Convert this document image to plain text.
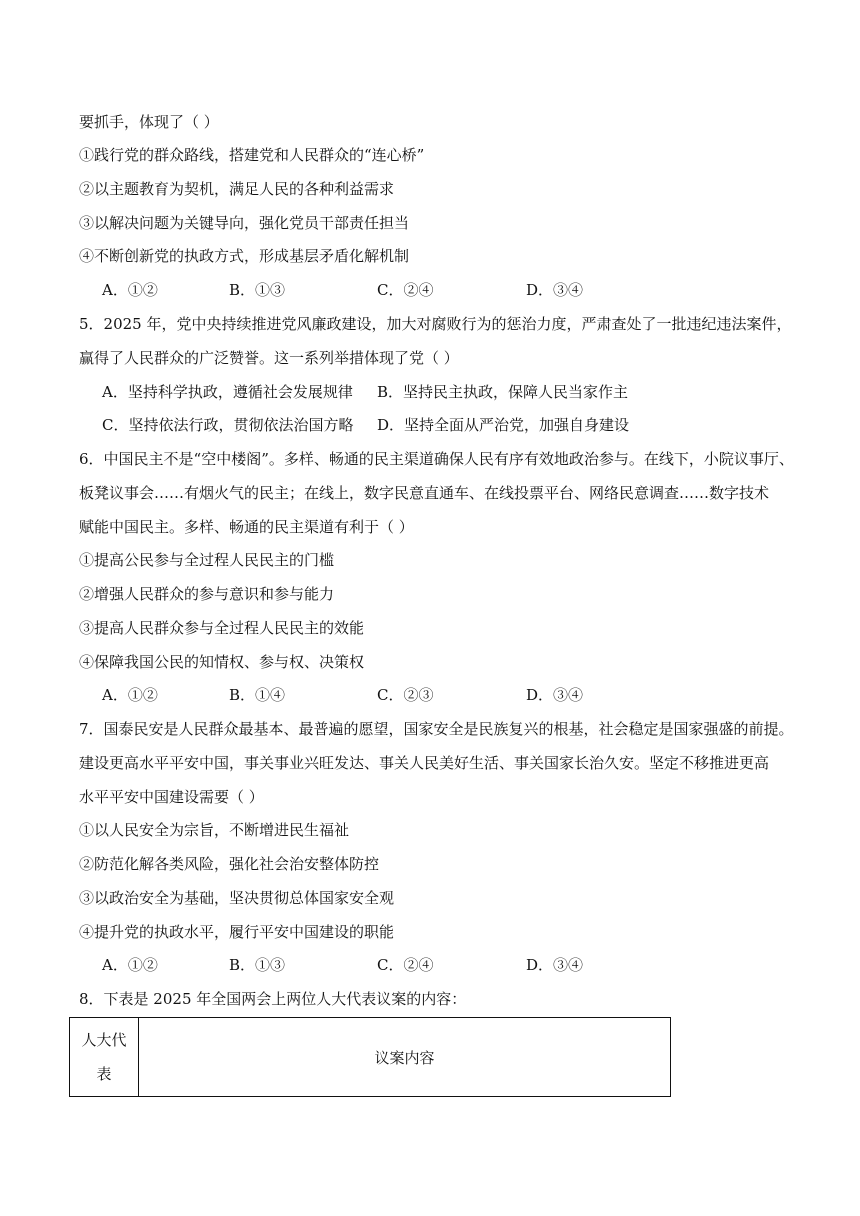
要抓手，体现了（ ）
①践行党的群众路线，搭建党和人民群众的“连心桥”
②以主题教育为契机，满足人民的各种利益需求
③以解决问题为关键导向，强化党员干部责任担当
④不断创新党的执政方式，形成基层矛盾化解机制
A．①②	B．①③	C．②④	D．③④
5．2025 年，党中央持续推进党风廉政建设，加大对腐败行为的惩治力度，严肃查处了一批违纪违法案件，
赢得了人民群众的广泛赞誉。这一系列举措体现了党（ ）
A．坚持科学执政，遵循社会发展规律 B．坚持民主执政，保障人民当家作主
C．坚持依法行政，贯彻依法治国方略 D．坚持全面从严治党，加强自身建设
6．中国民主不是“空中楼阁”。多样、畅通的民主渠道确保人民有序有效地政治参与。在线下，小院议事厅、
板凳议事会……有烟火气的民主；在线上，数字民意直通车、在线投票平台、网络民意调查……数字技术
赋能中国民主。多样、畅通的民主渠道有利于（ ）
①提高公民参与全过程人民民主的门槛
②增强人民群众的参与意识和参与能力
③提高人民群众参与全过程人民民主的效能
④保障我国公民的知情权、参与权、决策权
A．①②	B．①④	C．②③	D．③④
7．国泰民安是人民群众最基本、最普遍的愿望，国家安全是民族复兴的根基，社会稳定是国家强盛的前提。
建设更高水平平安中国，事关事业兴旺发达、事关人民美好生活、事关国家长治久安。坚定不移推进更高
水平平安中国建设需要（ ）
①以人民安全为宗旨，不断增进民生福祉
②防范化解各类风险，强化社会治安整体防控
③以政治安全为基础，坚决贯彻总体国家安全观
④提升党的执政水平，履行平安中国建设的职能
A．①②	B．①③	C．②④	D．③④
8．下表是 2025 年全国两会上两位人大代表议案的内容：
人大代
表
	议案内容
